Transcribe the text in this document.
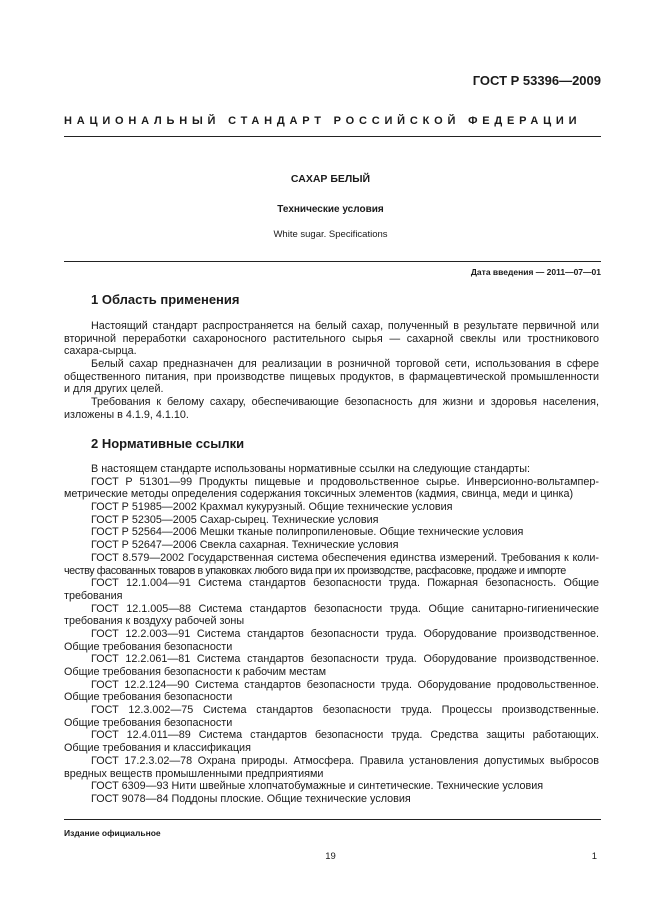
ГОСТ Р 53396—2009
НАЦИОНАЛЬНЫЙ СТАНДАРТ РОССИЙСКОЙ ФЕДЕРАЦИИ
САХАР БЕЛЫЙ
Технические условия
White sugar. Specifications
Дата введения — 2011—07—01
1 Область применения
Настоящий стандарт распространяется на белый сахар, полученный в результате первичной или
вторичной переработки сахароносного растительного сырья — сахарной свеклы или тростникового
сахара-сырца.
Белый сахар предназначен для реализации в розничной торговой сети, использования в сфере
общественного питания, при производстве пищевых продуктов, в фармацевтической промышленности
и для других целей.
Требования к белому сахару, обеспечивающие безопасность для жизни и здоровья населения,
изложены в 4.1.9, 4.1.10.
2 Нормативные ссылки
В настоящем стандарте использованы нормативные ссылки на следующие стандарты:
ГОСТ Р 51301—99 Продукты пищевые и продовольственное сырье. Инверсионно-вольтампер-
метрические методы определения содержания токсичных элементов (кадмия, свинца, меди и цинка)
ГОСТ Р 51985—2002 Крахмал кукурузный. Общие технические условия
ГОСТ Р 52305—2005 Сахар-сырец. Технические условия
ГОСТ Р 52564—2006 Мешки тканые полипропиленовые. Общие технические условия
ГОСТ Р 52647—2006 Свекла сахарная. Технические условия
ГОСТ 8.579—2002 Государственная система обеспечения единства измерений. Требования к коли-
честву фасованных товаров в упаковках любого вида при их производстве, расфасовке, продаже и импорте
ГОСТ 12.1.004—91 Система стандартов безопасности труда. Пожарная безопасность. Общие
требования
ГОСТ 12.1.005—88 Система стандартов безопасности труда. Общие санитарно-гигиенические
требования к воздуху рабочей зоны
ГОСТ 12.2.003—91 Система стандартов безопасности труда. Оборудование производственное.
Общие требования безопасности
ГОСТ 12.2.061—81 Система стандартов безопасности труда. Оборудование производственное.
Общие требования безопасности к рабочим местам
ГОСТ 12.2.124—90 Система стандартов безопасности труда. Оборудование продовольственное.
Общие требования безопасности
ГОСТ 12.3.002—75 Система стандартов безопасности труда. Процессы производственные.
Общие требования безопасности
ГОСТ 12.4.011—89 Система стандартов безопасности труда. Средства защиты работающих.
Общие требования и классификация
ГОСТ 17.2.3.02—78 Охрана природы. Атмосфера. Правила установления допустимых выбросов
вредных веществ промышленными предприятиями
ГОСТ 6309—93 Нити швейные хлопчатобумажные и синтетические. Технические условия
ГОСТ 9078—84 Поддоны плоские. Общие технические условия
Издание официальное
19	1
